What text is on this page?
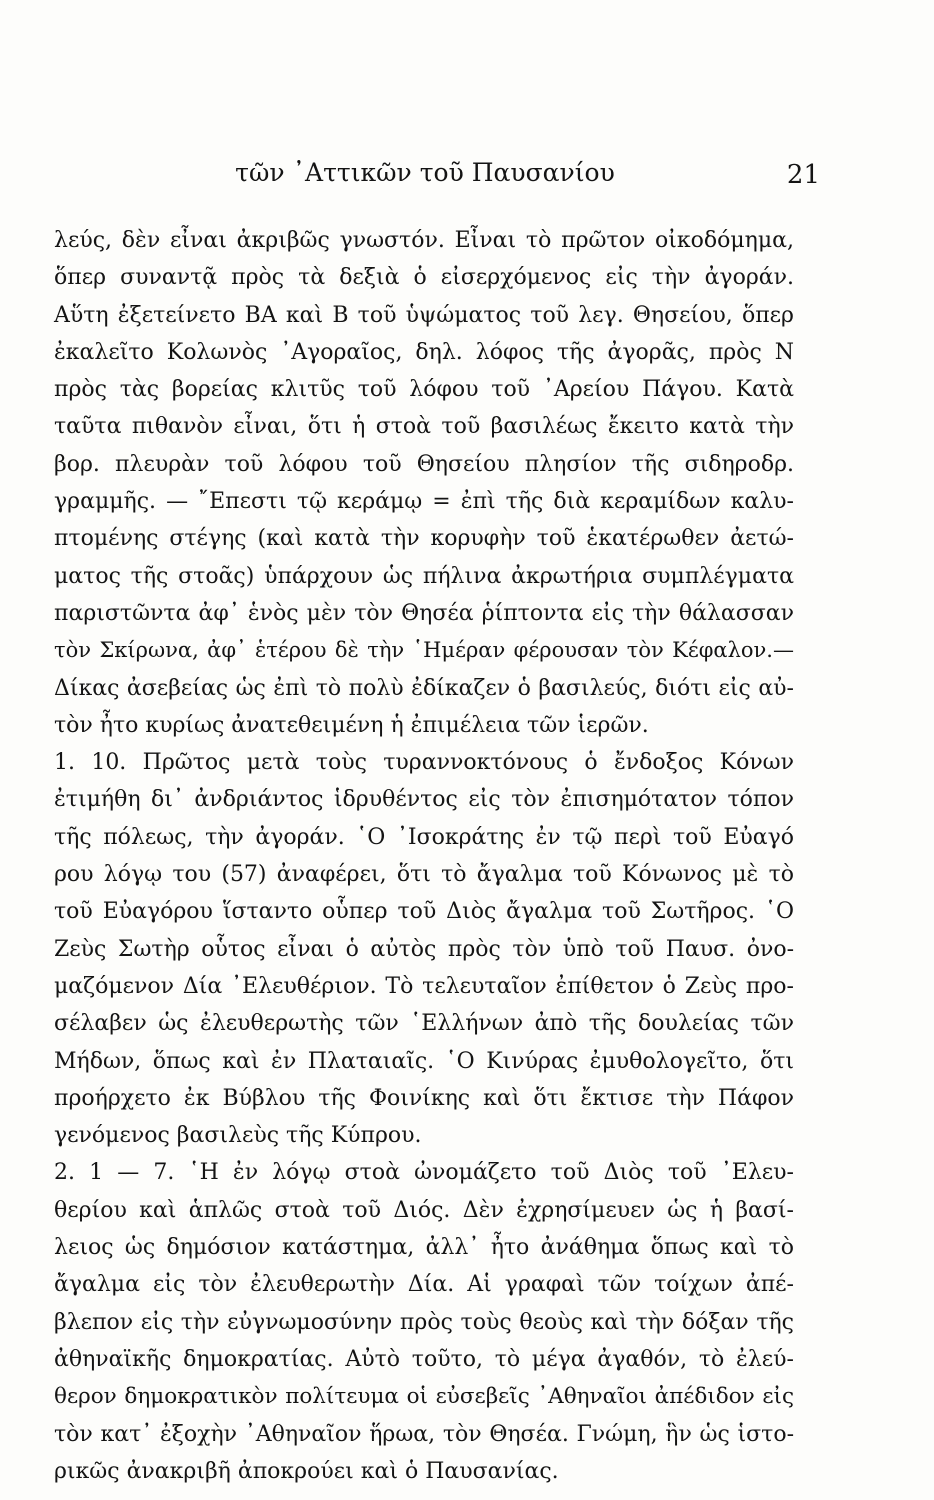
τῶν ᾽Αττικῶν τοῦ Παυσανίου	21
λεύς, δὲν εἶναι ἀκριβῶς γνωστόν. Εἶναι τὸ πρῶτον οἰκοδόμημα,
ὅπερ συναντᾷ πρὸς τὰ δεξιὰ ὁ εἰσερχόμενος εἰς τὴν ἀγοράν.
Αὕτη ἐξετείνετο ΒΑ καὶ Β τοῦ ὑψώματος τοῦ λεγ. Θησείου, ὅπερ
ἐκαλεῖτο Κολωνὸς ᾽Αγοραῖος, δηλ. λόφος τῆς ἀγορᾶς, πρὸς Ν
πρὸς τὰς βορείας κλιτῦς τοῦ λόφου τοῦ ᾽Αρείου Πάγου. Κατὰ
ταῦτα πιθανὸν εἶναι, ὅτι ἡ στοὰ τοῦ βασιλέως ἔκειτο κατὰ τὴν
βορ. πλευρὰν τοῦ λόφου τοῦ Θησείου πλησίον τῆς σιδηροδρ.
γραμμῆς. — ῎Επεστι τῷ κεράμῳ = ἐπὶ τῆς διὰ κεραμίδων καλυ-
πτομένης στέγης (καὶ κατὰ τὴν κορυφὴν τοῦ ἑκατέρωθεν ἀετώ-
ματος τῆς στοᾶς) ὑπάρχουν ὡς πήλινα ἀκρωτήρια συμπλέγματα
παριστῶντα ἀφ᾽ ἑνὸς μὲν τὸν Θησέα ῥίπτοντα εἰς τὴν θάλασσαν
τὸν Σκίρωνα, ἀφ᾽ ἑτέρου δὲ τὴν ῾Ημέραν φέρουσαν τὸν Κέφαλον.—
Δίκας ἀσεβείας ὡς ἐπὶ τὸ πολὺ ἐδίκαζεν ὁ βασιλεύς, διότι εἰς αὐ-
τὸν ἦτο κυρίως ἀνατεθειμένη ἡ ἐπιμέλεια τῶν ἱερῶν.
1. 10. Πρῶτος μετὰ τοὺς τυραννοκτόνους ὁ ἔνδοξος Κόνων
ἐτιμήθη δι᾽ ἀνδριάντος ἱδρυθέντος εἰς τὸν ἐπισημότατον τόπον
τῆς πόλεως, τὴν ἀγοράν. ῾Ο ᾽Ισοκράτης ἐν τῷ περὶ τοῦ Εὐαγό
ρου λόγῳ του (57) ἀναφέρει, ὅτι τὸ ἄγαλμα τοῦ Κόνωνος μὲ τὸ
τοῦ Εὐαγόρου ἵσταντο οὗπερ τοῦ Διὸς ἄγαλμα τοῦ Σωτῆρος. ῾Ο
Ζεὺς Σωτὴρ οὗτος εἶναι ὁ αὐτὸς πρὸς τὸν ὑπὸ τοῦ Παυσ. ὀνο-
μαζόμενον Δία ᾽Ελευθέριον. Τὸ τελευταῖον ἐπίθετον ὁ Ζεὺς προ-
σέλαβεν ὡς ἐλευθερωτὴς τῶν ῾Ελλήνων ἀπὸ τῆς δουλείας τῶν
Μήδων, ὅπως καὶ ἐν Πλαταιαῖς. ῾Ο Κινύρας ἐμυθολογεῖτο, ὅτι
προήρχετο ἐκ Βύβλου τῆς Φοινίκης καὶ ὅτι ἔκτισε τὴν Πάφον
γενόμενος βασιλεὺς τῆς Κύπρου.
2. 1 — 7. ῾Η ἐν λόγῳ στοὰ ὠνομάζετο τοῦ Διὸς τοῦ ᾽Ελευ-
θερίου καὶ ἁπλῶς στοὰ τοῦ Διός. Δὲν ἐχρησίμευεν ὡς ἡ βασί-
λειος ὡς δημόσιον κατάστημα, ἀλλ᾽ ἦτο ἀνάθημα ὅπως καὶ τὸ
ἄγαλμα εἰς τὸν ἐλευθερωτὴν Δία. Αἱ γραφαὶ τῶν τοίχων ἀπέ-
βλεπον εἰς τὴν εὐγνωμοσύνην πρὸς τοὺς θεοὺς καὶ τὴν δόξαν τῆς
ἀθηναϊκῆς δημοκρατίας. Αὐτὸ τοῦτο, τὸ μέγα ἀγαθόν, τὸ ἐλεύ-
θερον δημοκρατικὸν πολίτευμα οἱ εὐσεβεῖς ᾽Αθηναῖοι ἀπέδιδον εἰς
τὸν κατ᾽ ἐξοχὴν ᾽Αθηναῖον ἥρωα, τὸν Θησέα. Γνώμη, ἣν ὡς ἱστο-
ρικῶς ἀνακριβῆ ἀποκρούει καὶ ὁ Παυσανίας.
